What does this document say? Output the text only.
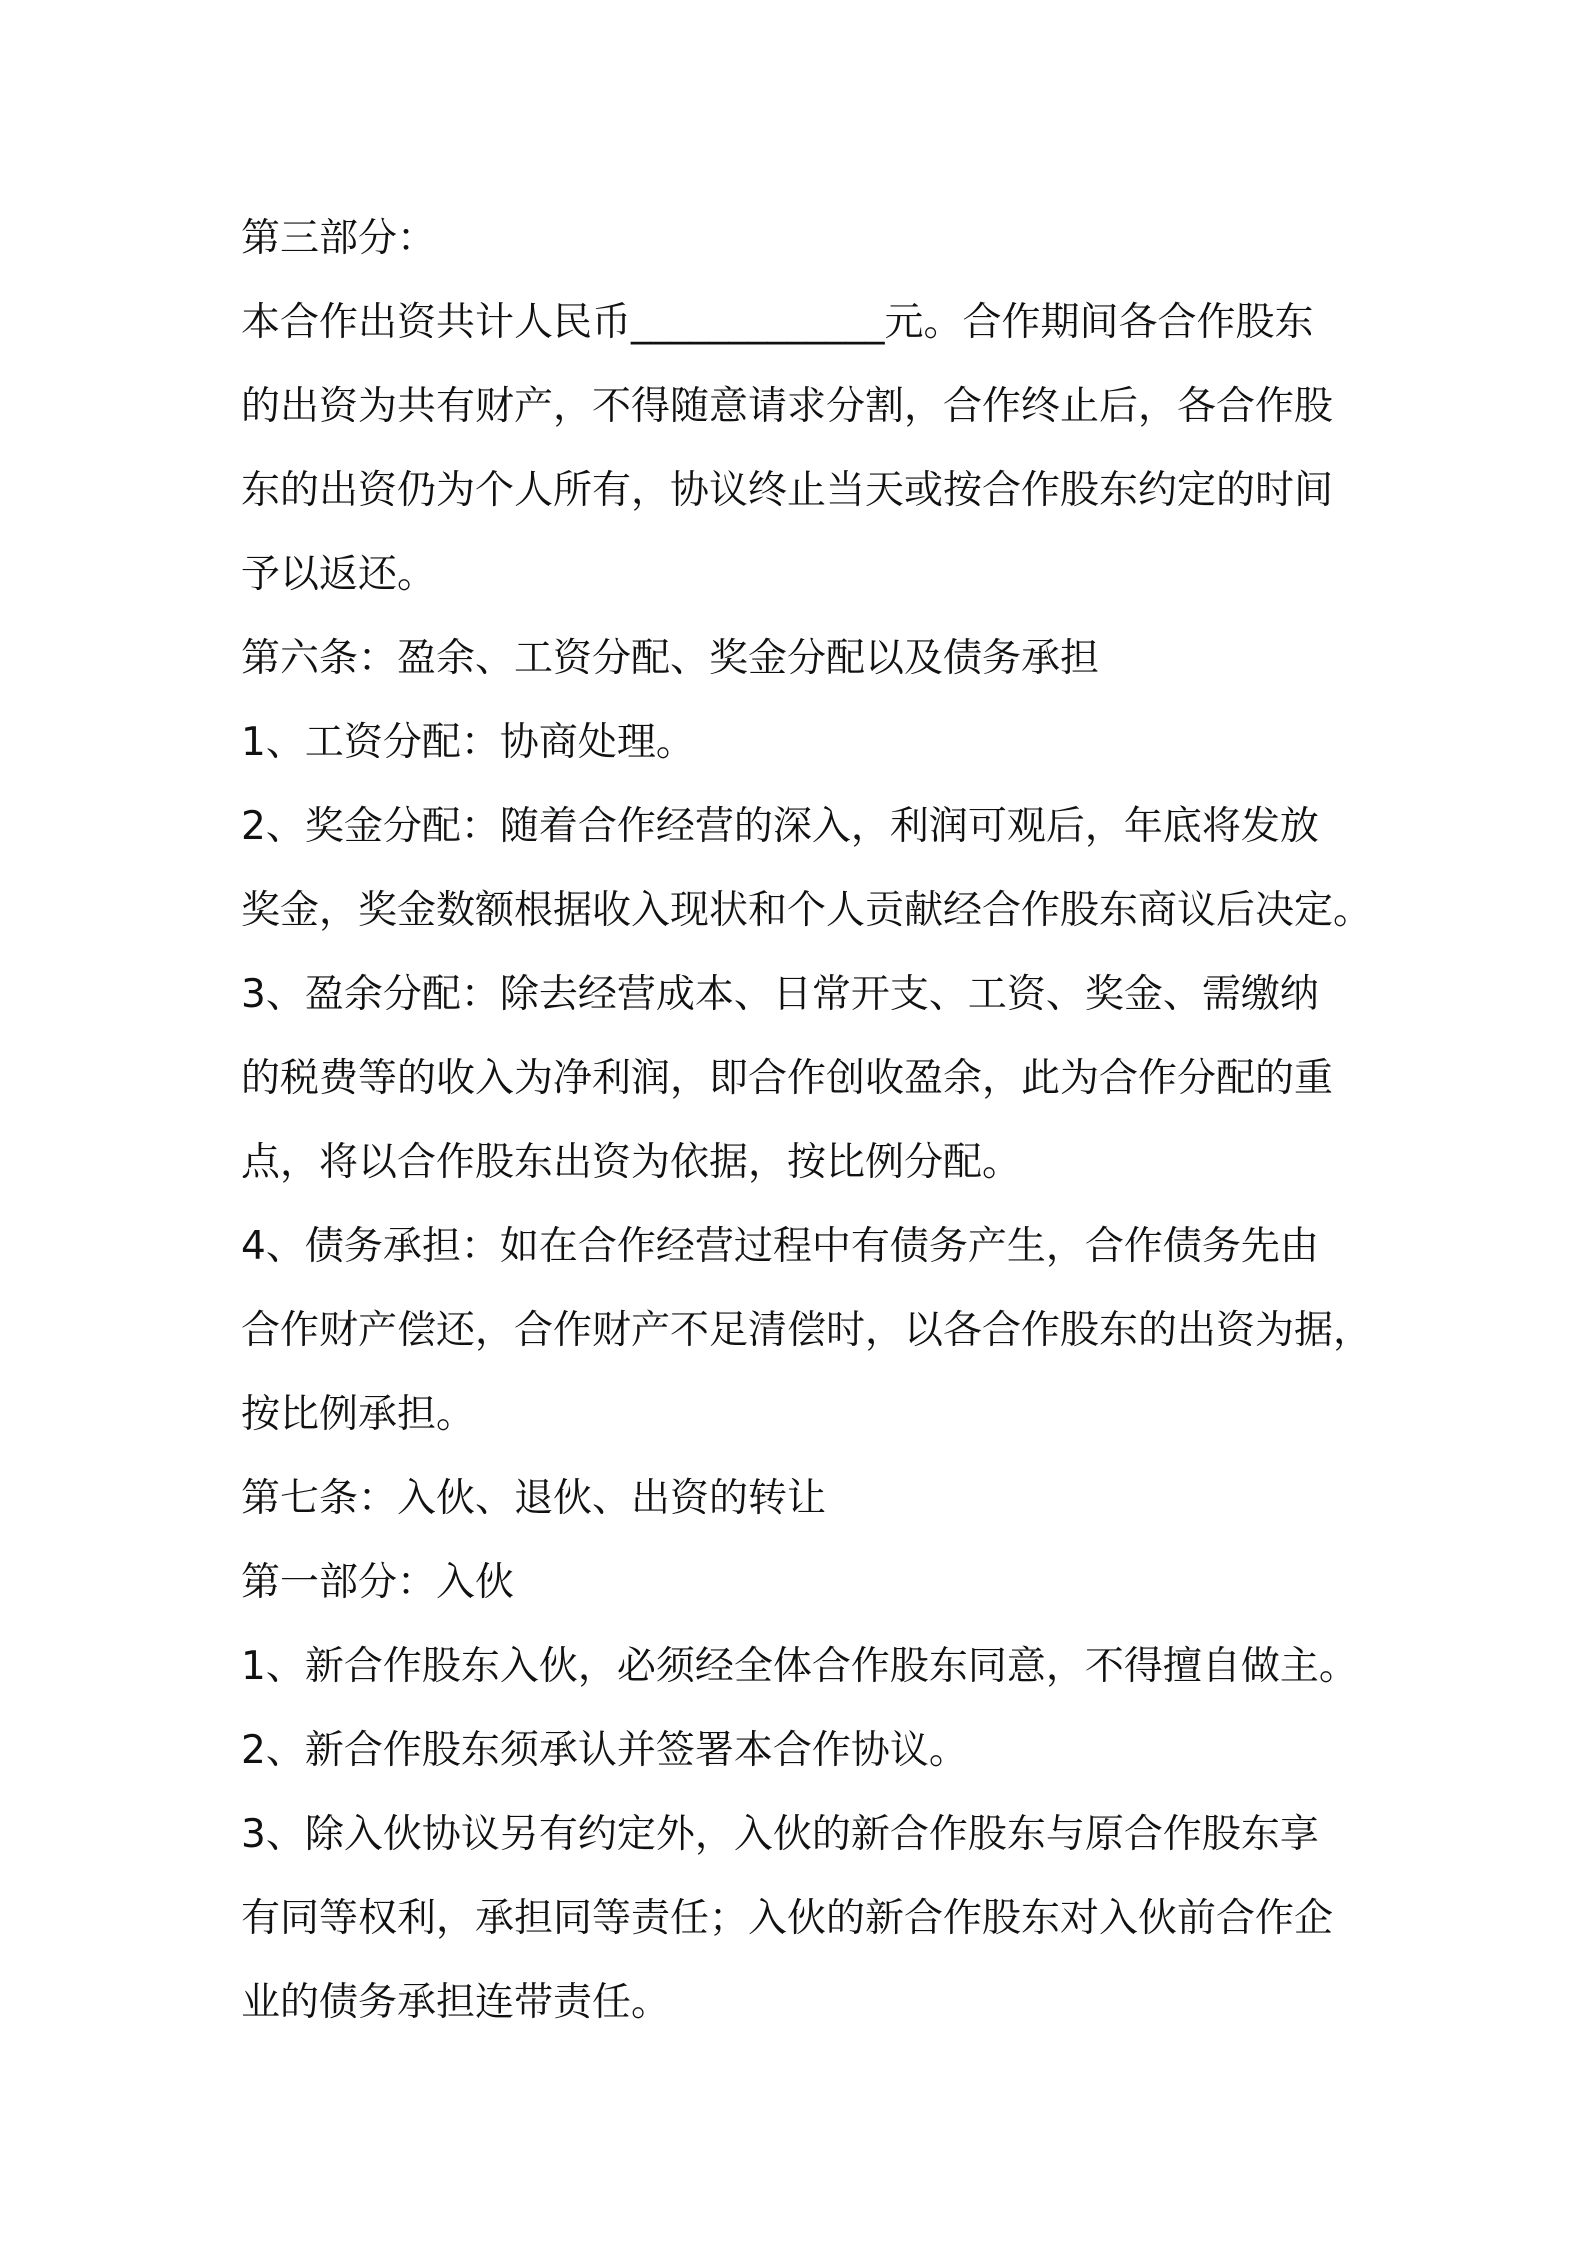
第三部分：
本合作出资共计人民币_____________元。合作期间各合作股东
的出资为共有财产，不得随意请求分割，合作终止后，各合作股
东的出资仍为个人所有，协议终止当天或按合作股东约定的时间
予以返还。
第六条：盈余、工资分配、奖金分配以及债务承担
1、工资分配：协商处理。
2、奖金分配：随着合作经营的深入，利润可观后，年底将发放
奖金，奖金数额根据收入现状和个人贡献经合作股东商议后决定。
3、盈余分配：除去经营成本、日常开支、工资、奖金、需缴纳
的税费等的收入为净利润，即合作创收盈余，此为合作分配的重
点，将以合作股东出资为依据，按比例分配。
4、债务承担：如在合作经营过程中有债务产生，合作债务先由
合作财产偿还，合作财产不足清偿时，以各合作股东的出资为据，
按比例承担。
第七条：入伙、退伙、出资的转让
第一部分：入伙
1、新合作股东入伙，必须经全体合作股东同意，不得擅自做主。
2、新合作股东须承认并签署本合作协议。
3、除入伙协议另有约定外，入伙的新合作股东与原合作股东享
有同等权利，承担同等责任；入伙的新合作股东对入伙前合作企
业的债务承担连带责任。
